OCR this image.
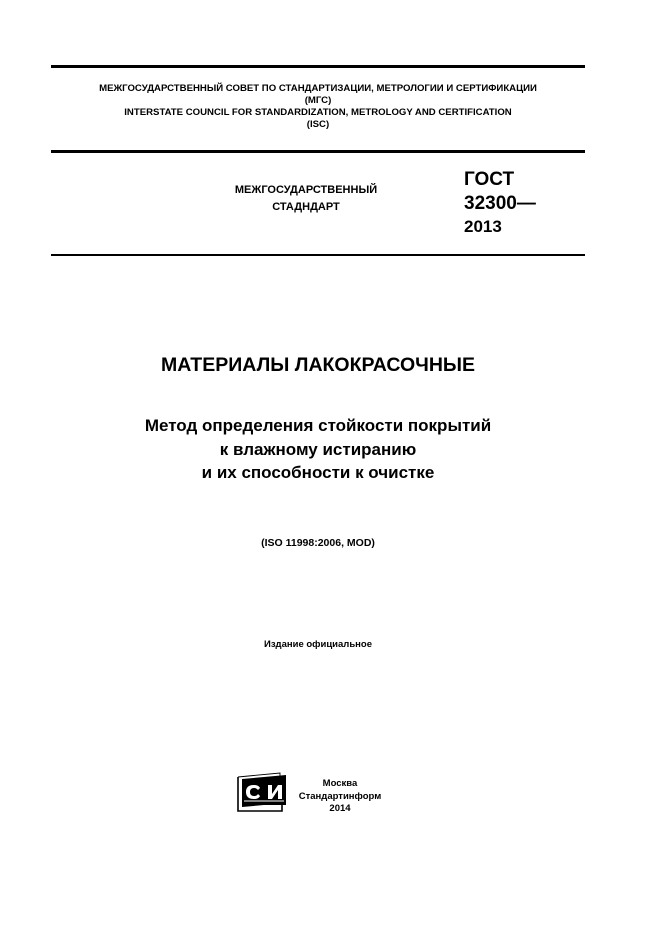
МЕЖГОСУДАРСТВЕННЫЙ СОВЕТ ПО СТАНДАРТИЗАЦИИ, МЕТРОЛОГИИ И СЕРТИФИКАЦИИ
(МГС)
INTERSTATE COUNCIL FOR STANDARDIZATION, METROLOGY AND CERTIFICATION
(ISC)
МЕЖГОСУДАРСТВЕННЫЙ
СТАДНДАРТ
ГОСТ
32300—
2013
МАТЕРИАЛЫ ЛАКОКРАСОЧНЫЕ
Метод определения стойкости покрытий
к влажному истиранию
и их способности к очистке
(ISO 11998:2006, MOD)
Издание официальное
Москва
Стандартинформ
2014
